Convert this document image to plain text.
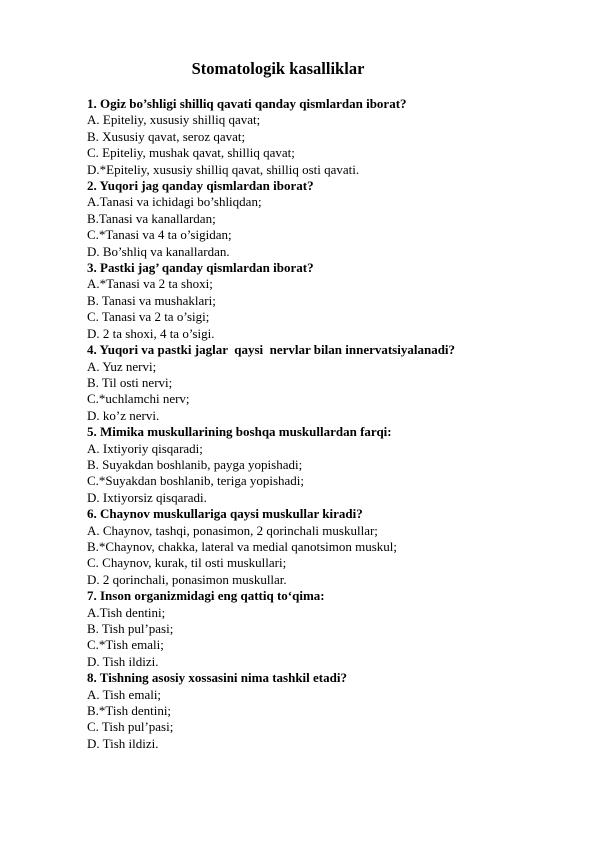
Stomatologik kasalliklar
1. Ogiz bo’shligi shilliq qavati qanday qismlardan iborat?
A. Epiteliy, xususiy shilliq qavat;
B. Xususiy qavat, seroz qavat;
C. Epiteliy, mushak qavat, shilliq qavat;
D.*Epiteliy, xususiy shilliq qavat, shilliq osti qavati.
2. Yuqori jag qanday qismlardan iborat?
A.Tanasi va ichidagi bo’shliqdan;
B.Tanasi va kanallardan;
C.*Tanasi va 4 ta o’sigidan;
D. Bo’shliq va kanallardan.
3. Pastki jag’ qanday qismlardan iborat?
A.*Tanasi va 2 ta shoxi;
B. Tanasi va mushaklari;
C. Tanasi va 2 ta o’sigi;
D. 2 ta shoxi, 4 ta o’sigi.
4. Yuqori va pastki jaglar  qaysi  nervlar bilan innervatsiyalanadi?
A. Yuz nervi;
B. Til osti nervi;
C.*uchlamchi nerv;
D. ko’z nervi.
5. Mimika muskullarining boshqa muskullardan farqi:
A. Ixtiyoriy qisqaradi;
B. Suyakdan boshlanib, payga yopishadi;
C.*Suyakdan boshlanib, teriga yopishadi;
D. Ixtiyorsiz qisqaradi.
6. Chaynov muskullariga qaysi muskullar kiradi?
A. Chaynov, tashqi, ponasimon, 2 qorinchali muskullar;
B.*Chaynov, chakka, lateral va medial qanotsimon muskul;
C. Chaynov, kurak, til osti muskullari;
D. 2 qorinchali, ponasimon muskullar.
7. Inson organizmidagi eng qattiq to‘qima:
A.Tish dentini;
B. Tish pul’pasi;
C.*Tish emali;
D. Tish ildizi.
8. Tishning asosiy xossasini nima tashkil etadi?
A. Tish emali;
B.*Tish dentini;
C. Tish pul’pasi;
D. Tish ildizi.
